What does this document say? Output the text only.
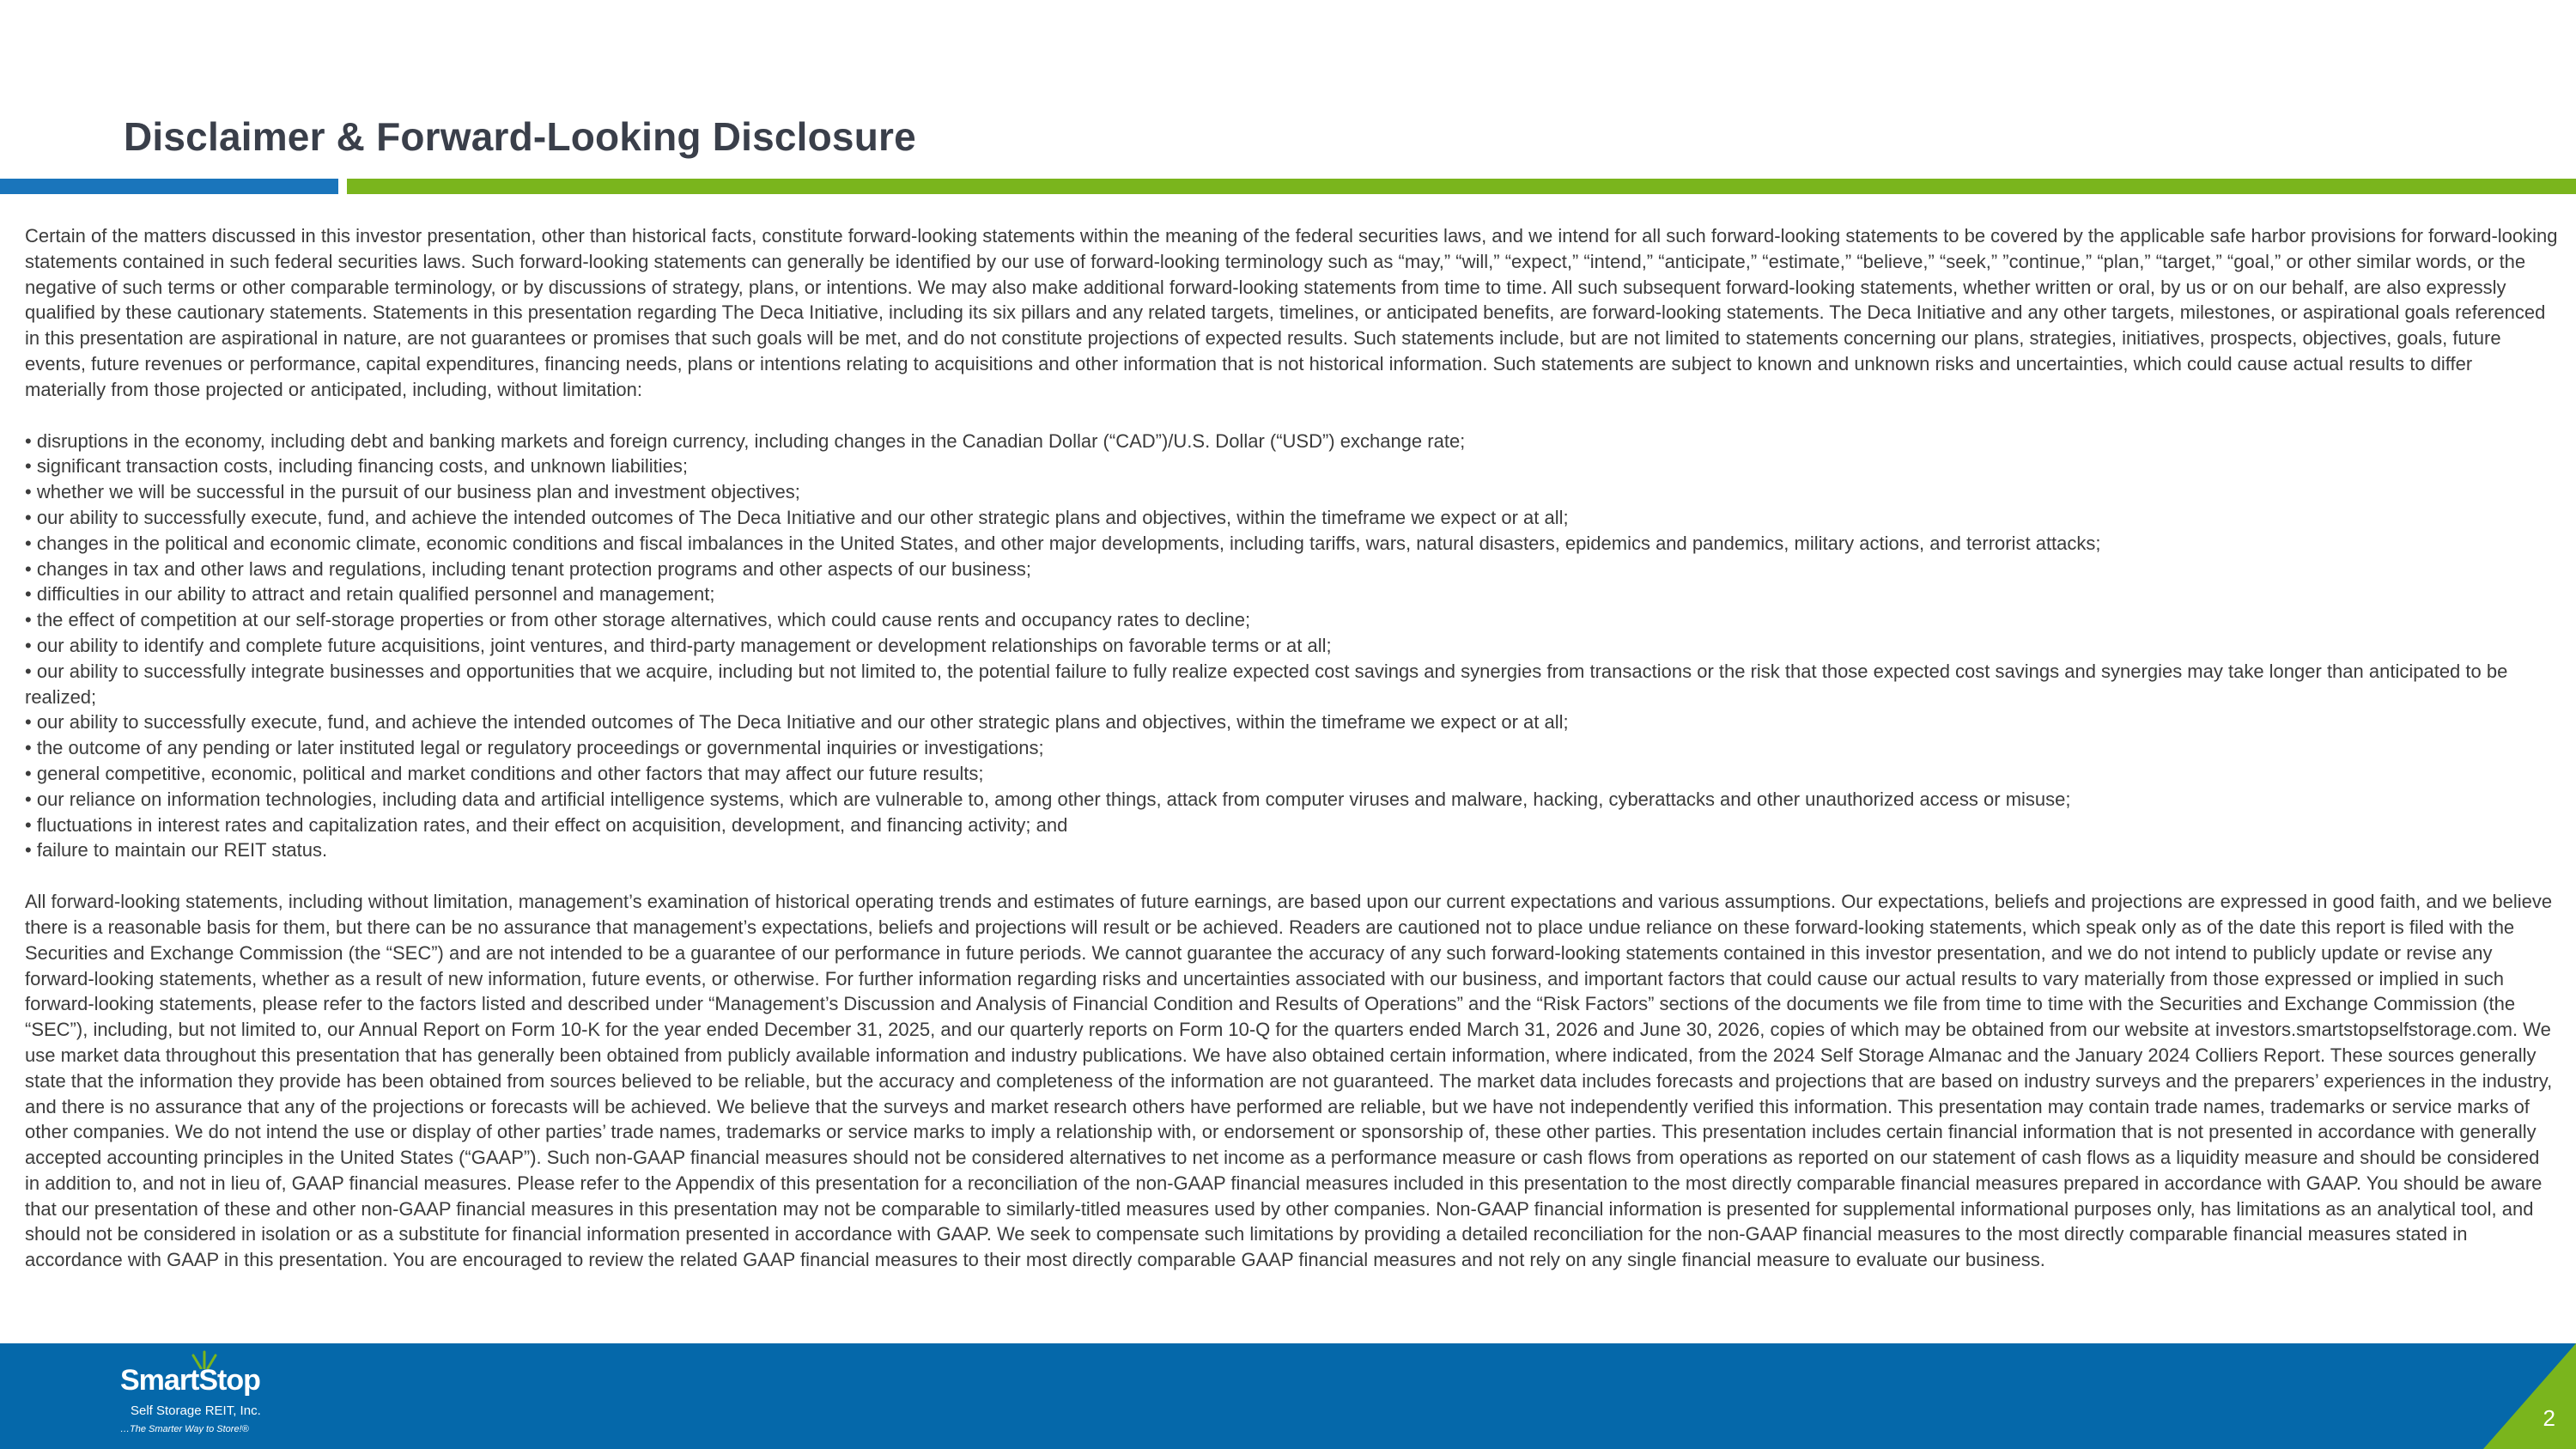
Disclaimer & Forward-Looking Disclosure

Certain of the matters discussed in this investor presentation, other than historical facts, constitute forward-looking statements within the meaning of the federal securities laws, and we intend for all such forward-looking statements to be covered by the applicable safe harbor provisions for forward-looking statements contained in such federal securities laws. Such forward-looking statements can generally be identified by our use of forward-looking terminology such as “may,” “will,” “expect,” “intend,” “anticipate,” “estimate,” “believe,” “seek,” ”continue,” “plan,” “target,” “goal,” or other similar words, or the negative of such terms or other comparable terminology, or by discussions of strategy, plans, or intentions. We may also make additional forward-looking statements from time to time. All such subsequent forward-looking statements, whether written or oral, by us or on our behalf, are also expressly qualified by these cautionary statements. Statements in this presentation regarding The Deca Initiative, including its six pillars and any related targets, timelines, or anticipated benefits, are forward-looking statements. The Deca Initiative and any other targets, milestones, or aspirational goals referenced in this presentation are aspirational in nature, are not guarantees or promises that such goals will be met, and do not constitute projections of expected results. Such statements include, but are not limited to statements concerning our plans, strategies, initiatives, prospects, objectives, goals, future events, future revenues or performance, capital expenditures, financing needs, plans or intentions relating to acquisitions and other information that is not historical information. Such statements are subject to known and unknown risks and uncertainties, which could cause actual results to differ materially from those projected or anticipated, including, without limitation:

• disruptions in the economy, including debt and banking markets and foreign currency, including changes in the Canadian Dollar (“CAD”)/U.S. Dollar (“USD”) exchange rate;
• significant transaction costs, including financing costs, and unknown liabilities;
• whether we will be successful in the pursuit of our business plan and investment objectives;
• our ability to successfully execute, fund, and achieve the intended outcomes of The Deca Initiative and our other strategic plans and objectives, within the timeframe we expect or at all;
• changes in the political and economic climate, economic conditions and fiscal imbalances in the United States, and other major developments, including tariffs, wars, natural disasters, epidemics and pandemics, military actions, and terrorist attacks;
• changes in tax and other laws and regulations, including tenant protection programs and other aspects of our business;
• difficulties in our ability to attract and retain qualified personnel and management;
• the effect of competition at our self-storage properties or from other storage alternatives, which could cause rents and occupancy rates to decline;
• our ability to identify and complete future acquisitions, joint ventures, and third-party management or development relationships on favorable terms or at all;
• our ability to successfully integrate businesses and opportunities that we acquire, including but not limited to, the potential failure to fully realize expected cost savings and synergies from transactions or the risk that those expected cost savings and synergies may take longer than anticipated to be realized;
• our ability to successfully execute, fund, and achieve the intended outcomes of The Deca Initiative and our other strategic plans and objectives, within the timeframe we expect or at all;
• the outcome of any pending or later instituted legal or regulatory proceedings or governmental inquiries or investigations;
• general competitive, economic, political and market conditions and other factors that may affect our future results;
• our reliance on information technologies, including data and artificial intelligence systems, which are vulnerable to, among other things, attack from computer viruses and malware, hacking, cyberattacks and other unauthorized access or misuse;
• fluctuations in interest rates and capitalization rates, and their effect on acquisition, development, and financing activity; and
• failure to maintain our REIT status.

All forward-looking statements, including without limitation, management’s examination of historical operating trends and estimates of future earnings, are based upon our current expectations and various assumptions. Our expectations, beliefs and projections are expressed in good faith, and we believe there is a reasonable basis for them, but there can be no assurance that management’s expectations, beliefs and projections will result or be achieved. Readers are cautioned not to place undue reliance on these forward-looking statements, which speak only as of the date this report is filed with the Securities and Exchange Commission (the “SEC”) and are not intended to be a guarantee of our performance in future periods. We cannot guarantee the accuracy of any such forward-looking statements contained in this investor presentation, and we do not intend to publicly update or revise any forward-looking statements, whether as a result of new information, future events, or otherwise. For further information regarding risks and uncertainties associated with our business, and important factors that could cause our actual results to vary materially from those expressed or implied in such forward-looking statements, please refer to the factors listed and described under “Management’s Discussion and Analysis of Financial Condition and Results of Operations” and the “Risk Factors” sections of the documents we file from time to time with the Securities and Exchange Commission (the “SEC”), including, but not limited to, our Annual Report on Form 10-K for the year ended December 31, 2025, and our quarterly reports on Form 10-Q for the quarters ended March 31, 2026 and June 30, 2026, copies of which may be obtained from our website at investors.smartstopselfstorage.com. We use market data throughout this presentation that has generally been obtained from publicly available information and industry publications. We have also obtained certain information, where indicated, from the 2024 Self Storage Almanac and the January 2024 Colliers Report. These sources generally state that the information they provide has been obtained from sources believed to be reliable, but the accuracy and completeness of the information are not guaranteed. The market data includes forecasts and projections that are based on industry surveys and the preparers’ experiences in the industry, and there is no assurance that any of the projections or forecasts will be achieved. We believe that the surveys and market research others have performed are reliable, but we have not independently verified this information. This presentation may contain trade names, trademarks or service marks of other companies. We do not intend the use or display of other parties’ trade names, trademarks or service marks to imply a relationship with, or endorsement or sponsorship of, these other parties. This presentation includes certain financial information that is not presented in accordance with generally accepted accounting principles in the United States (“GAAP”). Such non-GAAP financial measures should not be considered alternatives to net income as a performance measure or cash flows from operations as reported on our statement of cash flows as a liquidity measure and should be considered in addition to, and not in lieu of, GAAP financial measures. Please refer to the Appendix of this presentation for a reconciliation of the non-GAAP financial measures included in this presentation to the most directly comparable financial measures prepared in accordance with GAAP. You should be aware that our presentation of these and other non-GAAP financial measures in this presentation may not be comparable to similarly-titled measures used by other companies. Non-GAAP financial information is presented for supplemental informational purposes only, has limitations as an analytical tool, and should not be considered in isolation or as a substitute for financial information presented in accordance with GAAP. We seek to compensate such limitations by providing a detailed reconciliation for the non-GAAP financial measures to the most directly comparable financial measures stated in accordance with GAAP in this presentation. You are encouraged to review the related GAAP financial measures to their most directly comparable GAAP financial measures and not rely on any single financial measure to evaluate our business.

2
SmartStop
Self Storage REIT, Inc.
…The Smarter Way to Store!®
